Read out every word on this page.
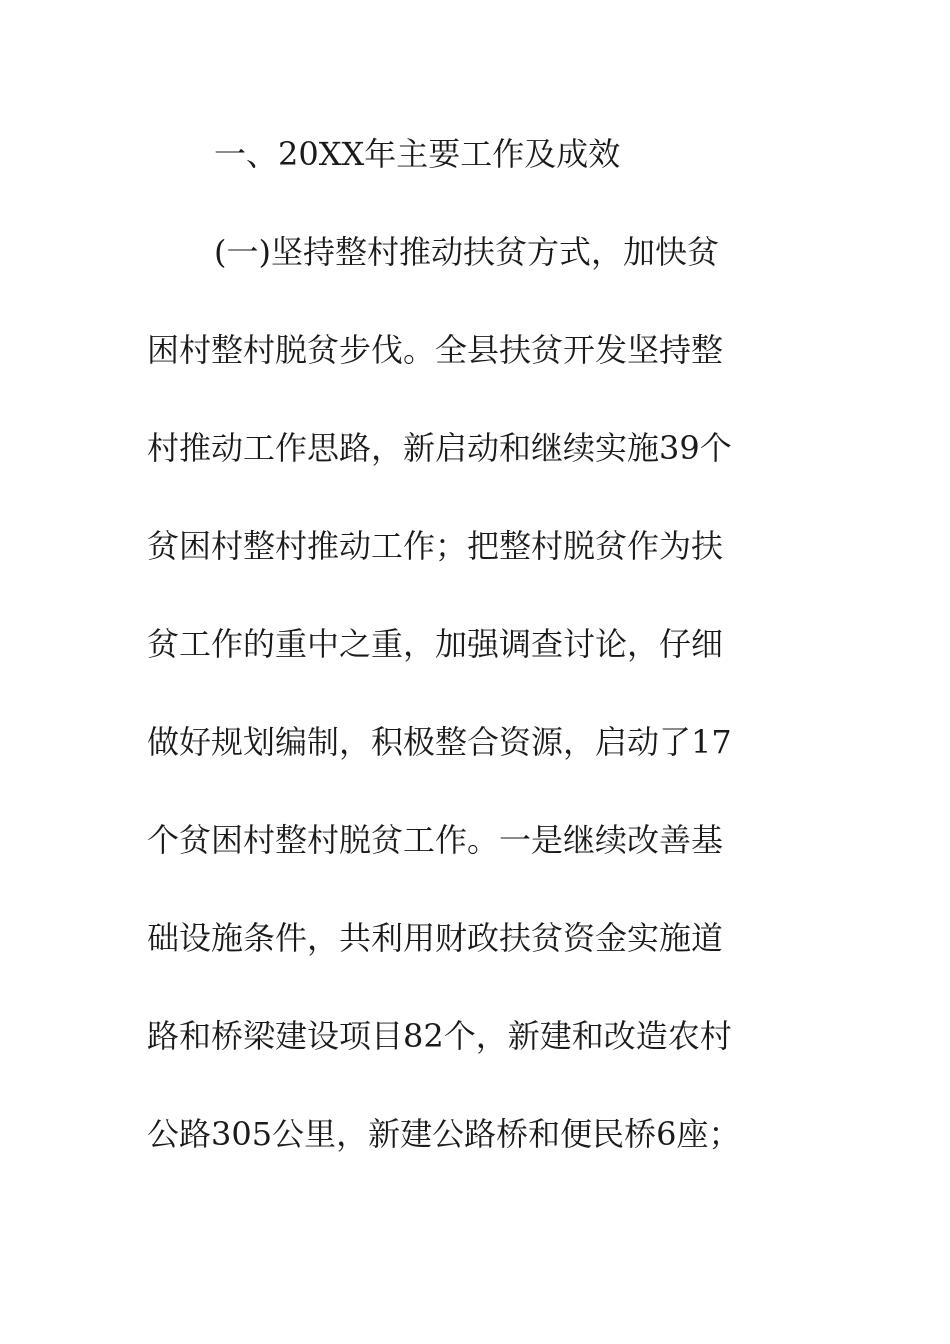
一、20XX年主要工作及成效
(一)坚持整村推动扶贫方式，加快贫
困村整村脱贫步伐。全县扶贫开发坚持整
村推动工作思路，新启动和继续实施39个
贫困村整村推动工作；把整村脱贫作为扶
贫工作的重中之重，加强调查讨论，仔细
做好规划编制，积极整合资源，启动了17
个贫困村整村脱贫工作。一是继续改善基
础设施条件，共利用财政扶贫资金实施道
路和桥梁建设项目82个，新建和改造农村
公路305公里，新建公路桥和便民桥6座；
